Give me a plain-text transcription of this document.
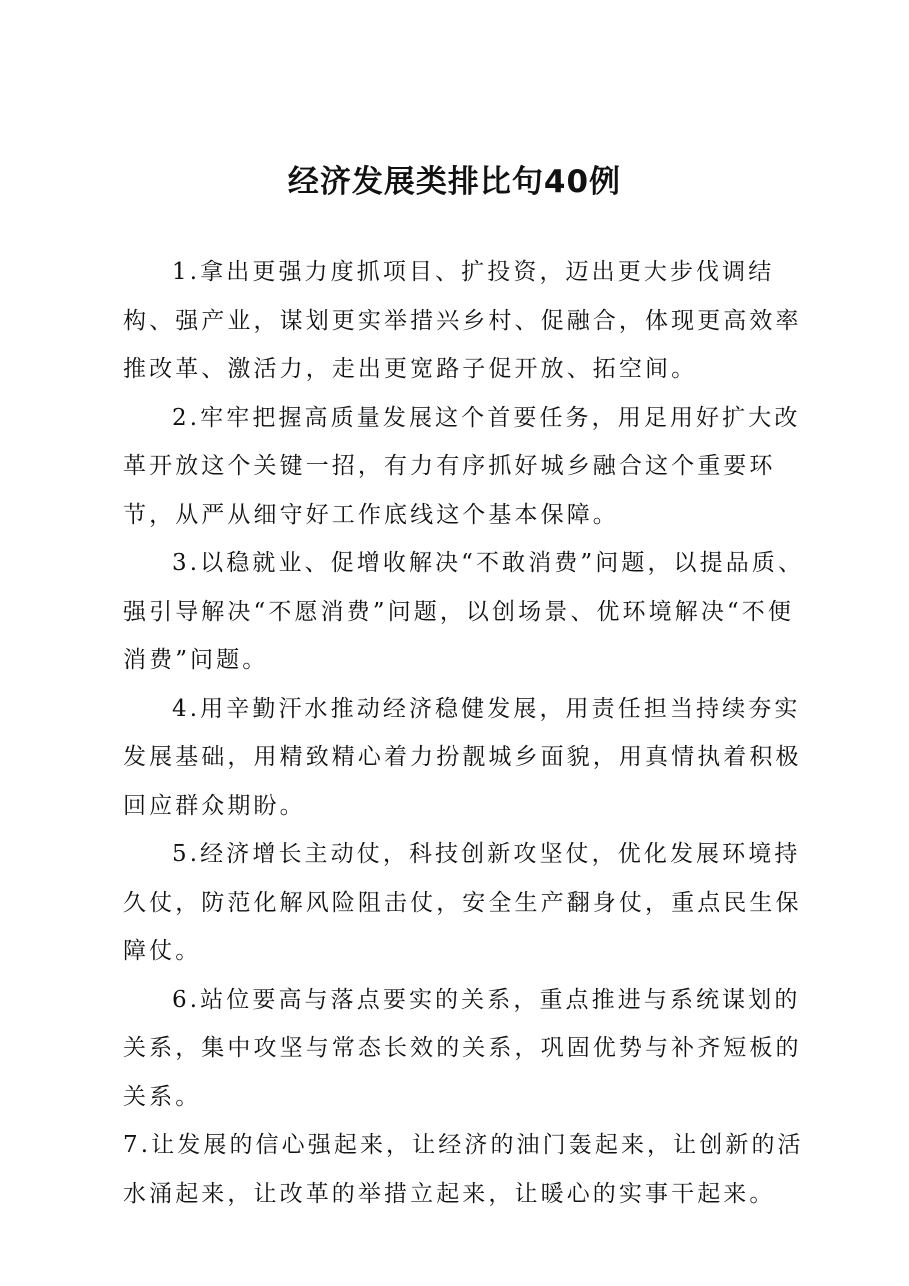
经济发展类排比句40例

1.拿出更强力度抓项目、扩投资，迈出更大步伐调结构、强产业，谋划更实举措兴乡村、促融合，体现更高效率推改革、激活力，走出更宽路子促开放、拓空间。

2.牢牢把握高质量发展这个首要任务，用足用好扩大改革开放这个关键一招，有力有序抓好城乡融合这个重要环节，从严从细守好工作底线这个基本保障。

3.以稳就业、促增收解决“不敢消费”问题，以提品质、强引导解决“不愿消费”问题，以创场景、优环境解决“不便消费”问题。

4.用辛勤汗水推动经济稳健发展，用责任担当持续夯实发展基础，用精致精心着力扮靓城乡面貌，用真情执着积极回应群众期盼。

5.经济增长主动仗，科技创新攻坚仗，优化发展环境持久仗，防范化解风险阻击仗，安全生产翻身仗，重点民生保障仗。

6.站位要高与落点要实的关系，重点推进与系统谋划的关系，集中攻坚与常态长效的关系，巩固优势与补齐短板的关系。

7.让发展的信心强起来，让经济的油门轰起来，让创新的活水涌起来，让改革的举措立起来，让暖心的实事干起来。
